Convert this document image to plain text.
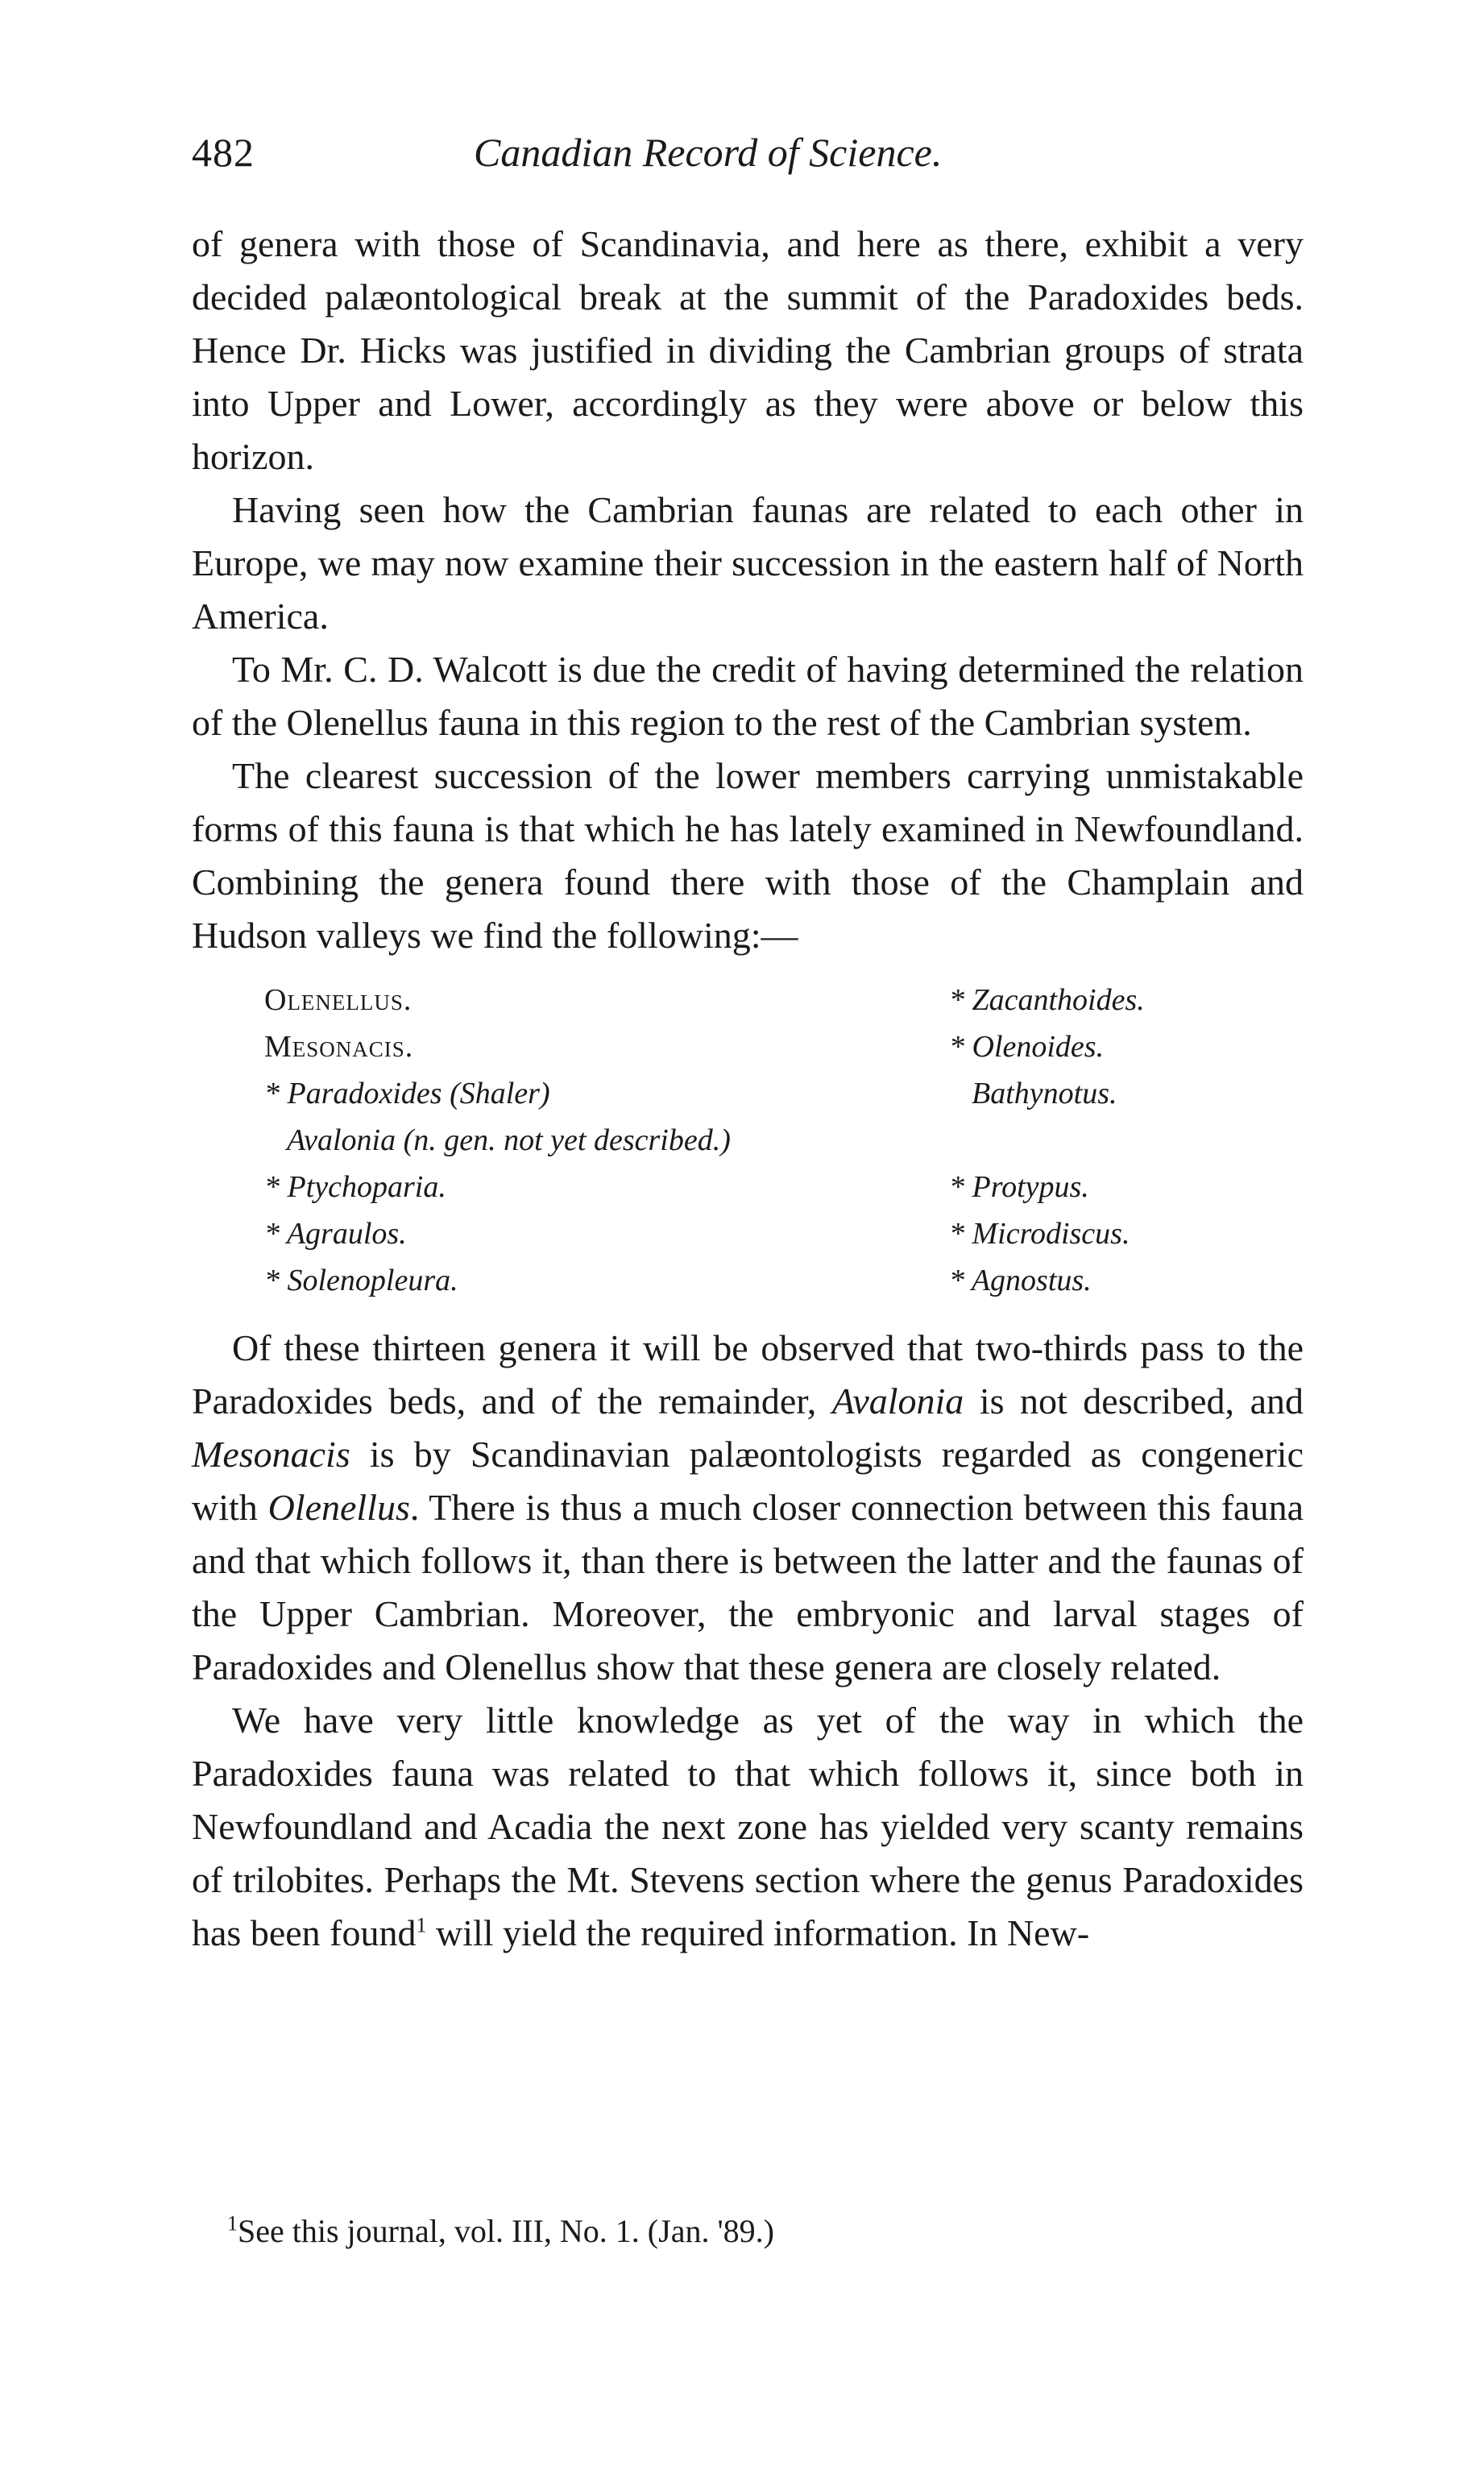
482	Canadian Record of Science.

of genera with those of Scandinavia, and here as there, exhibit a very decided palæontological break at the summit of the Paradoxides beds. Hence Dr. Hicks was justified in dividing the Cambrian groups of strata into Upper and Lower, accordingly as they were above or below this horizon.

Having seen how the Cambrian faunas are related to each other in Europe, we may now examine their succession in the eastern half of North America.

To Mr. C. D. Walcott is due the credit of having determined the relation of the Olenellus fauna in this region to the rest of the Cambrian system.

The clearest succession of the lower members carrying unmistakable forms of this fauna is that which he has lately examined in Newfoundland. Combining the genera found there with those of the Champlain and Hudson valleys we find the following:—

Olenellus.
Mesonacis.
* Paradoxides (Shaler)
Avalonia (n. gen. not yet described.)
* Ptychoparia.
* Agraulos.
* Solenopleura.
* Zacanthoides.
* Olenoides.
Bathynotus.

* Protypus.
* Microdiscus.
* Agnostus.

Of these thirteen genera it will be observed that two-thirds pass to the Paradoxides beds, and of the remainder, Avalonia is not described, and Mesonacis is by Scandinavian palæontologists regarded as congeneric with Olenellus. There is thus a much closer connection between this fauna and that which follows it, than there is between the latter and the faunas of the Upper Cambrian. Moreover, the embryonic and larval stages of Paradoxides and Olenellus show that these genera are closely related.

We have very little knowledge as yet of the way in which the Paradoxides fauna was related to that which follows it, since both in Newfoundland and Acadia the next zone has yielded very scanty remains of trilobites. Perhaps the Mt. Stevens section where the genus Paradoxides has been found$^1$ will yield the required information. In New-

$^1$See this journal, vol. III, No. 1. (Jan. '89.)
